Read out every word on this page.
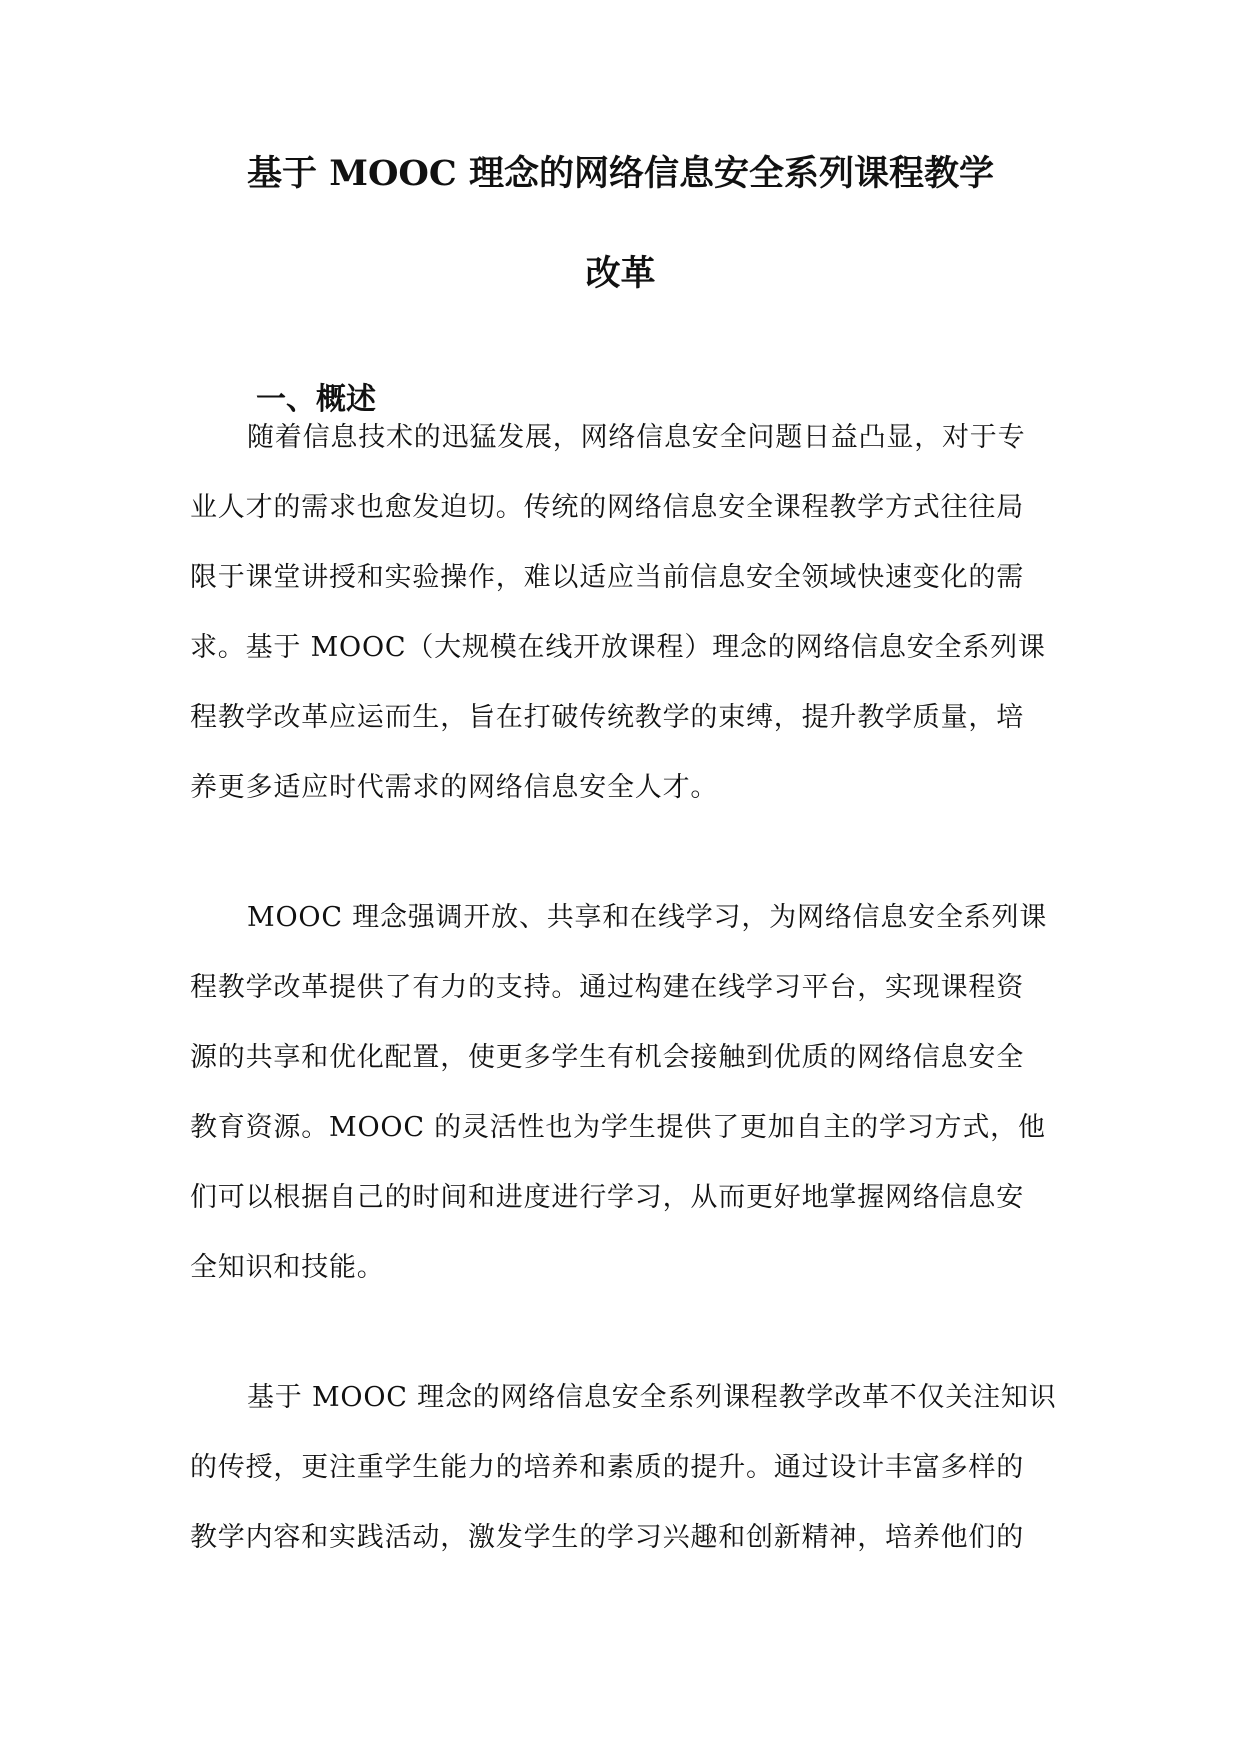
基于 MOOC 理念的网络信息安全系列课程教学
改革
一、概述
随着信息技术的迅猛发展，网络信息安全问题日益凸显，对于专
业人才的需求也愈发迫切。传统的网络信息安全课程教学方式往往局
限于课堂讲授和实验操作，难以适应当前信息安全领域快速变化的需
求。基于 MOOC（大规模在线开放课程）理念的网络信息安全系列课
程教学改革应运而生，旨在打破传统教学的束缚，提升教学质量，培
养更多适应时代需求的网络信息安全人才。
MOOC 理念强调开放、共享和在线学习，为网络信息安全系列课
程教学改革提供了有力的支持。通过构建在线学习平台，实现课程资
源的共享和优化配置，使更多学生有机会接触到优质的网络信息安全
教育资源。MOOC 的灵活性也为学生提供了更加自主的学习方式，他
们可以根据自己的时间和进度进行学习，从而更好地掌握网络信息安
全知识和技能。
基于 MOOC 理念的网络信息安全系列课程教学改革不仅关注知识
的传授，更注重学生能力的培养和素质的提升。通过设计丰富多样的
教学内容和实践活动，激发学生的学习兴趣和创新精神，培养他们的
